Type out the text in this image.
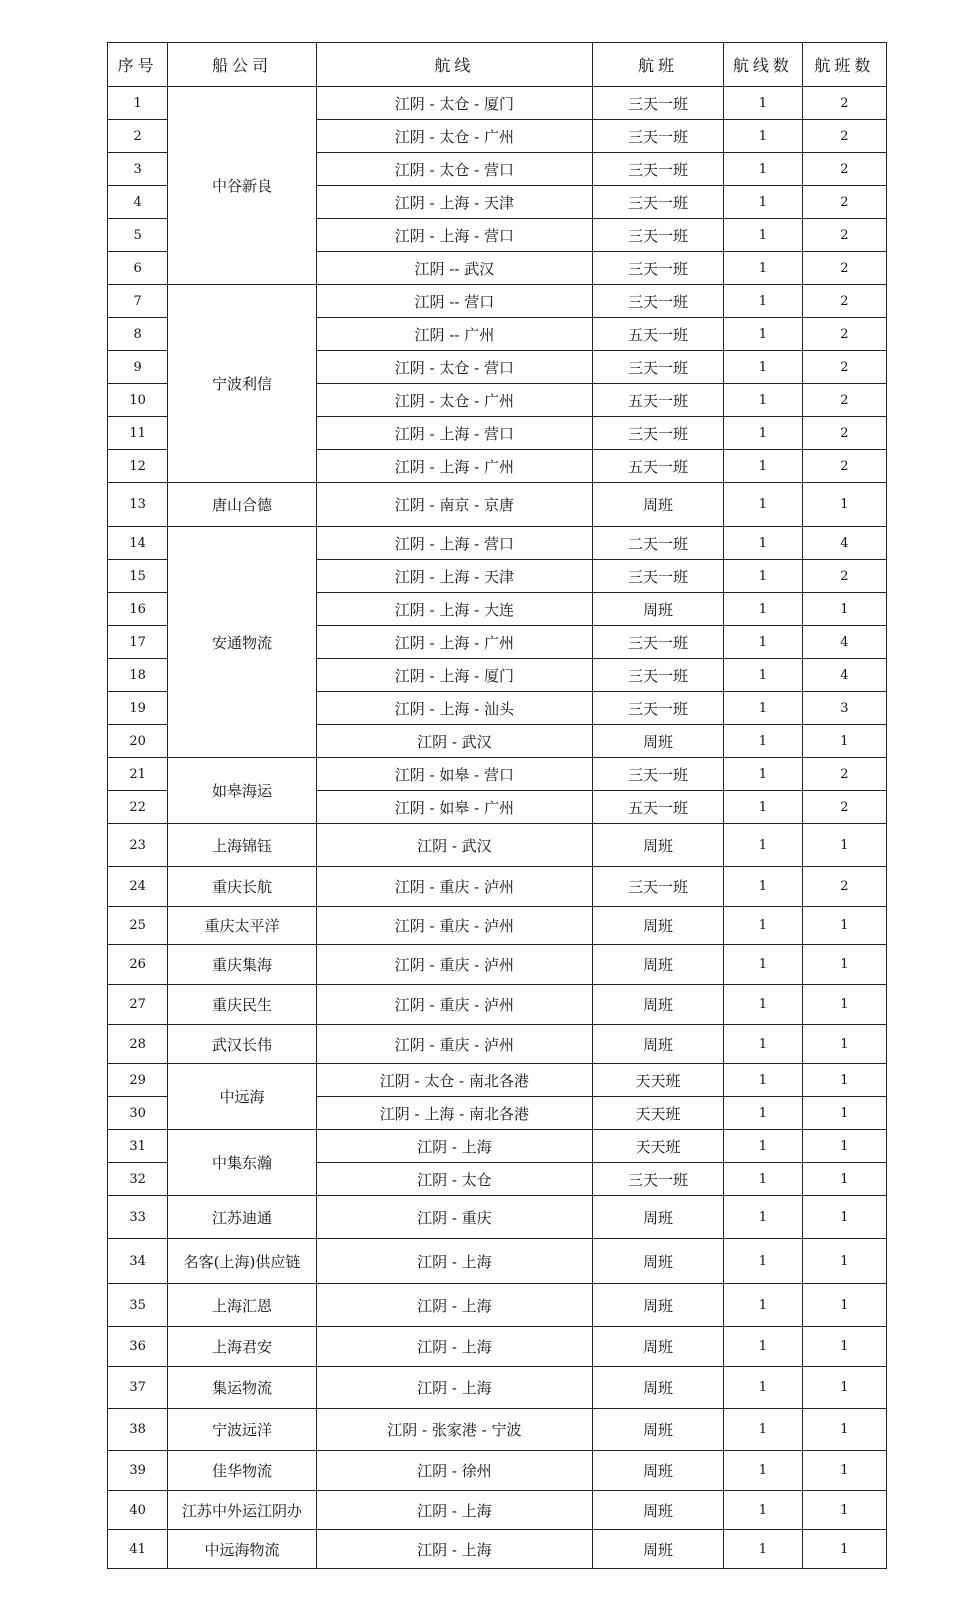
序号	船公司	航线	航班	航线数	航班数
1	中谷新良	江阴 - 太仓 - 厦门	三天一班	1	2
2		江阴 - 太仓 - 广州	三天一班	1	2
3		江阴 - 太仓 - 营口	三天一班	1	2
4		江阴 - 上海 - 天津	三天一班	1	2
5		江阴 - 上海 - 营口	三天一班	1	2
6		江阴 -- 武汉	三天一班	1	2
7	宁波利信	江阴 -- 营口	三天一班	1	2
8		江阴 -- 广州	五天一班	1	2
9		江阴 - 太仓 - 营口	三天一班	1	2
10		江阴 - 太仓 - 广州	五天一班	1	2
11		江阴 - 上海 - 营口	三天一班	1	2
12		江阴 - 上海 - 广州	五天一班	1	2
13	唐山合德	江阴 - 南京 - 京唐	周班	1	1
14	安通物流	江阴 - 上海 - 营口	二天一班	1	4
15		江阴 - 上海 - 天津	三天一班	1	2
16		江阴 - 上海 - 大连	周班	1	1
17		江阴 - 上海 - 广州	三天一班	1	4
18		江阴 - 上海 - 厦门	三天一班	1	4
19		江阴 - 上海 - 汕头	三天一班	1	3
20		江阴 - 武汉	周班	1	1
21	如皋海运	江阴 - 如皋 - 营口	三天一班	1	2
22		江阴 - 如皋 - 广州	五天一班	1	2
23	上海锦钰	江阴 - 武汉	周班	1	1
24	重庆长航	江阴 - 重庆 - 泸州	三天一班	1	2
25	重庆太平洋	江阴 - 重庆 - 泸州	周班	1	1
26	重庆集海	江阴 - 重庆 - 泸州	周班	1	1
27	重庆民生	江阴 - 重庆 - 泸州	周班	1	1
28	武汉长伟	江阴 - 重庆 - 泸州	周班	1	1
29	中远海	江阴 - 太仓 - 南北各港	天天班	1	1
30		江阴 - 上海 - 南北各港	天天班	1	1
31	中集东瀚	江阴 - 上海	天天班	1	1
32		江阴 - 太仓	三天一班	1	1
33	江苏迪通	江阴 - 重庆	周班	1	1
34	名客(上海)供应链	江阴 - 上海	周班	1	1
35	上海汇恩	江阴 - 上海	周班	1	1
36	上海君安	江阴 - 上海	周班	1	1
37	集运物流	江阴 - 上海	周班	1	1
38	宁波远洋	江阴 - 张家港 - 宁波	周班	1	1
39	佳华物流	江阴 - 徐州	周班	1	1
40	江苏中外运江阴办	江阴 - 上海	周班	1	1
41	中远海物流	江阴 - 上海	周班	1	1
